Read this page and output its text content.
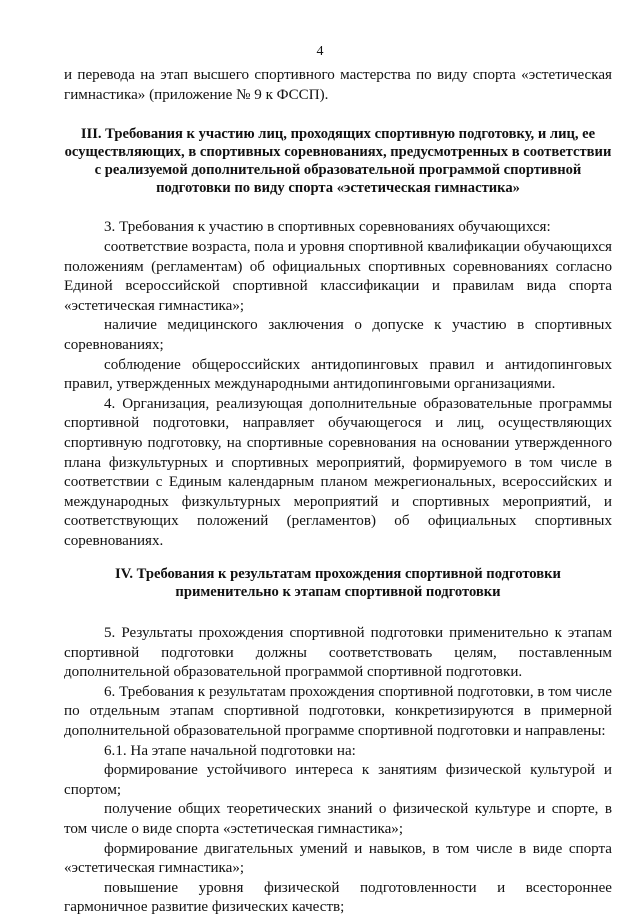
4

и перевода на этап высшего спортивного мастерства по виду спорта «эстетическая гимнастика» (приложение № 9 к ФССП).

III. Требования к участию лиц, проходящих спортивную подготовку, и лиц, ее осуществляющих, в спортивных соревнованиях, предусмотренных в соответствии с реализуемой дополнительной образовательной программой спортивной подготовки по виду спорта «эстетическая гимнастика»

3. Требования к участию в спортивных соревнованиях обучающихся:

соответствие возраста, пола и уровня спортивной квалификации обучающихся положениям (регламентам) об официальных спортивных соревнованиях согласно Единой всероссийской спортивной классификации и правилам вида спорта «эстетическая гимнастика»;

наличие медицинского заключения о допуске к участию в спортивных соревнованиях;

соблюдение общероссийских антидопинговых правил и антидопинговых правил, утвержденных международными антидопинговыми организациями.

4. Организация, реализующая дополнительные образовательные программы спортивной подготовки, направляет обучающегося и лиц, осуществляющих спортивную подготовку, на спортивные соревнования на основании утвержденного плана физкультурных и спортивных мероприятий, формируемого в том числе в соответствии с Единым календарным планом межрегиональных, всероссийских и международных физкультурных мероприятий и спортивных мероприятий, и соответствующих положений (регламентов) об официальных спортивных соревнованиях.

IV. Требования к результатам прохождения спортивной подготовки применительно к этапам спортивной подготовки

5. Результаты прохождения спортивной подготовки применительно к этапам спортивной подготовки должны соответствовать целям, поставленным дополнительной образовательной программой спортивной подготовки.

6. Требования к результатам прохождения спортивной подготовки, в том числе по отдельным этапам спортивной подготовки, конкретизируются в примерной дополнительной образовательной программе спортивной подготовки и направлены:

6.1. На этапе начальной подготовки на:

формирование устойчивого интереса к занятиям физической культурой и спортом;

получение общих теоретических знаний о физической культуре и спорте, в том числе о виде спорта «эстетическая гимнастика»;

формирование двигательных умений и навыков, в том числе в виде спорта «эстетическая гимнастика»;

повышение уровня физической подготовленности и всестороннее гармоничное развитие физических качеств;
